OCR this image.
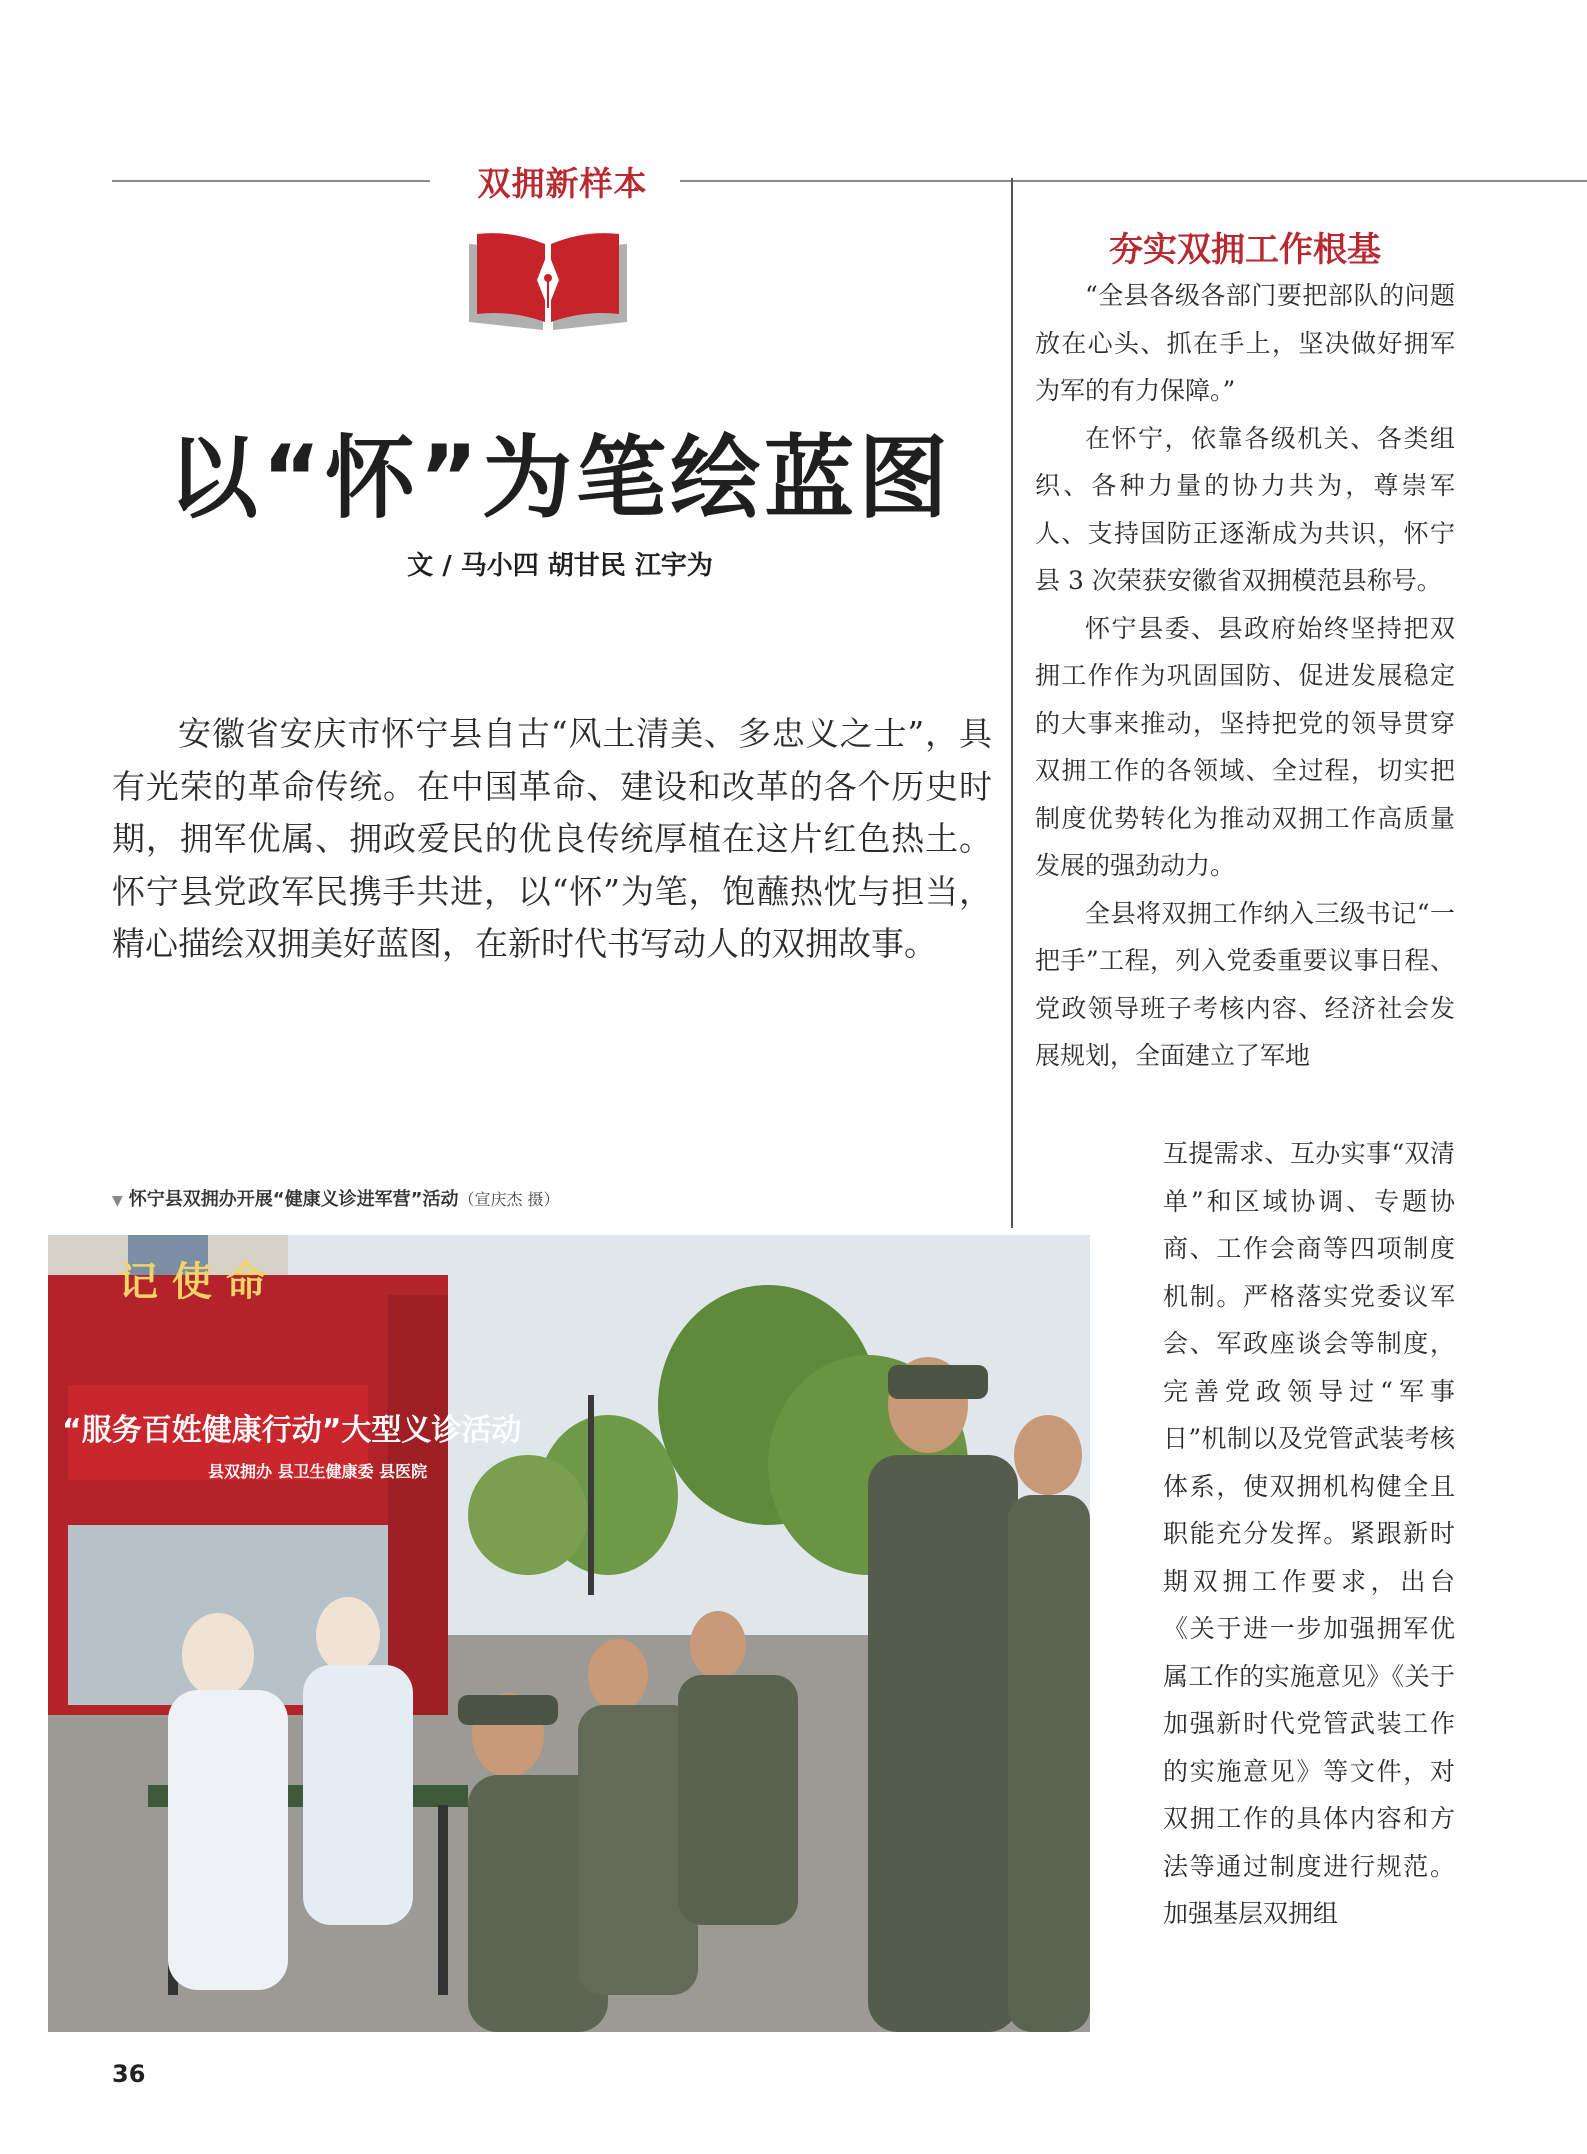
双拥新样本
以“怀”为笔绘蓝图
文 / 马小四 胡甘民 江宇为

安徽省安庆市怀宁县自古“风土清美、多忠义之士”，具有光荣的革命传统。在中国革命、建设和改革的各个历史时期，拥军优属、拥政爱民的优良传统厚植在这片红色热土。怀宁县党政军民携手共进，以“怀”为笔，饱蘸热忱与担当，精心描绘双拥美好蓝图，在新时代书写动人的双拥故事。

▼ 怀宁县双拥办开展“健康义诊进军营”活动（宣庆杰 摄）
记 使 命
“服务百姓健康行动”大型义诊活动
县双拥办 县卫生健康委 县医院
夯实双拥工作根基

“全县各级各部门要把部队的问题放在心头、抓在手上，坚决做好拥军为军的有力保障。”

在怀宁，依靠各级机关、各类组织、各种力量的协力共为，尊崇军人、支持国防正逐渐成为共识，怀宁县 3 次荣获安徽省双拥模范县称号。

怀宁县委、县政府始终坚持把双拥工作作为巩固国防、促进发展稳定的大事来推动，坚持把党的领导贯穿双拥工作的各领域、全过程，切实把制度优势转化为推动双拥工作高质量发展的强劲动力。

全县将双拥工作纳入三级书记“一把手”工程，列入党委重要议事日程、党政领导班子考核内容、经济社会发展规划，全面建立了军地

互提需求、互办实事“双清单”和区域协调、专题协商、工作会商等四项制度机制。严格落实党委议军会、军政座谈会等制度，完善党政领导过“军事日”机制以及党管武装考核体系，使双拥机构健全且职能充分发挥。紧跟新时期双拥工作要求，出台《关于进一步加强拥军优属工作的实施意见》《关于加强新时代党管武装工作的实施意见》等文件，对双拥工作的具体内容和方法等通过制度进行规范。加强基层双拥组

36
